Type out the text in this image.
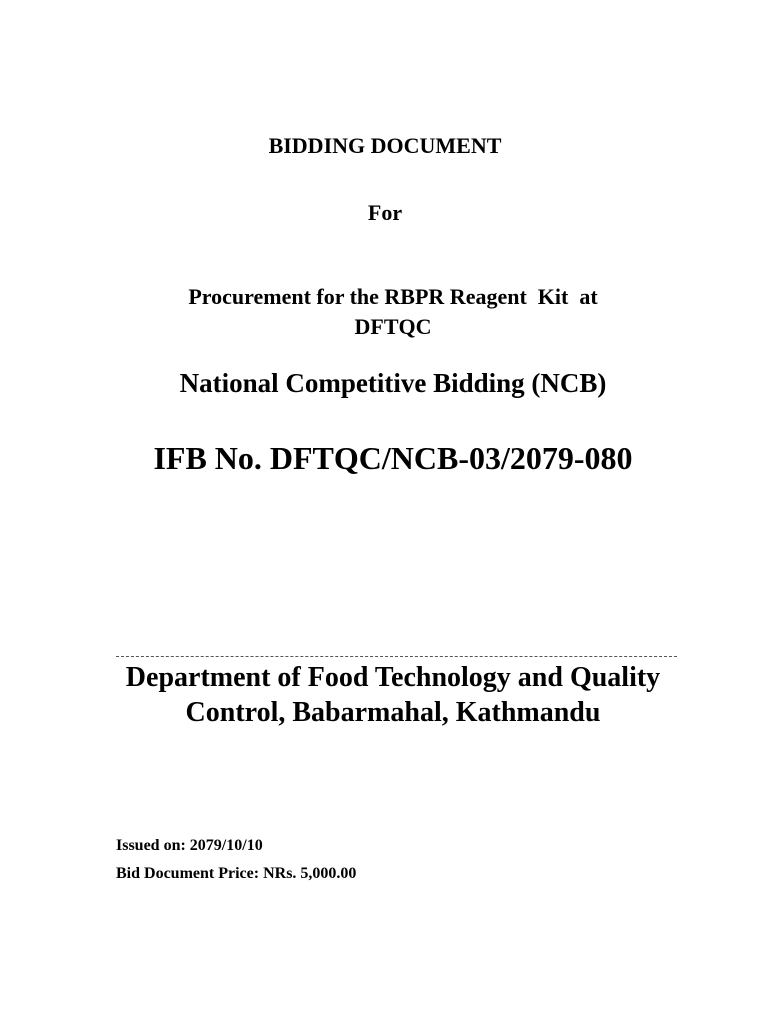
BIDDING DOCUMENT
For
Procurement for the RBPR Reagent  Kit  at
DFTQC
National Competitive Bidding (NCB)
IFB No. DFTQC/NCB-03/2079-080
Department of Food Technology and Quality
Control, Babarmahal, Kathmandu
Issued on: 2079/10/10
Bid Document Price: NRs. 5,000.00
